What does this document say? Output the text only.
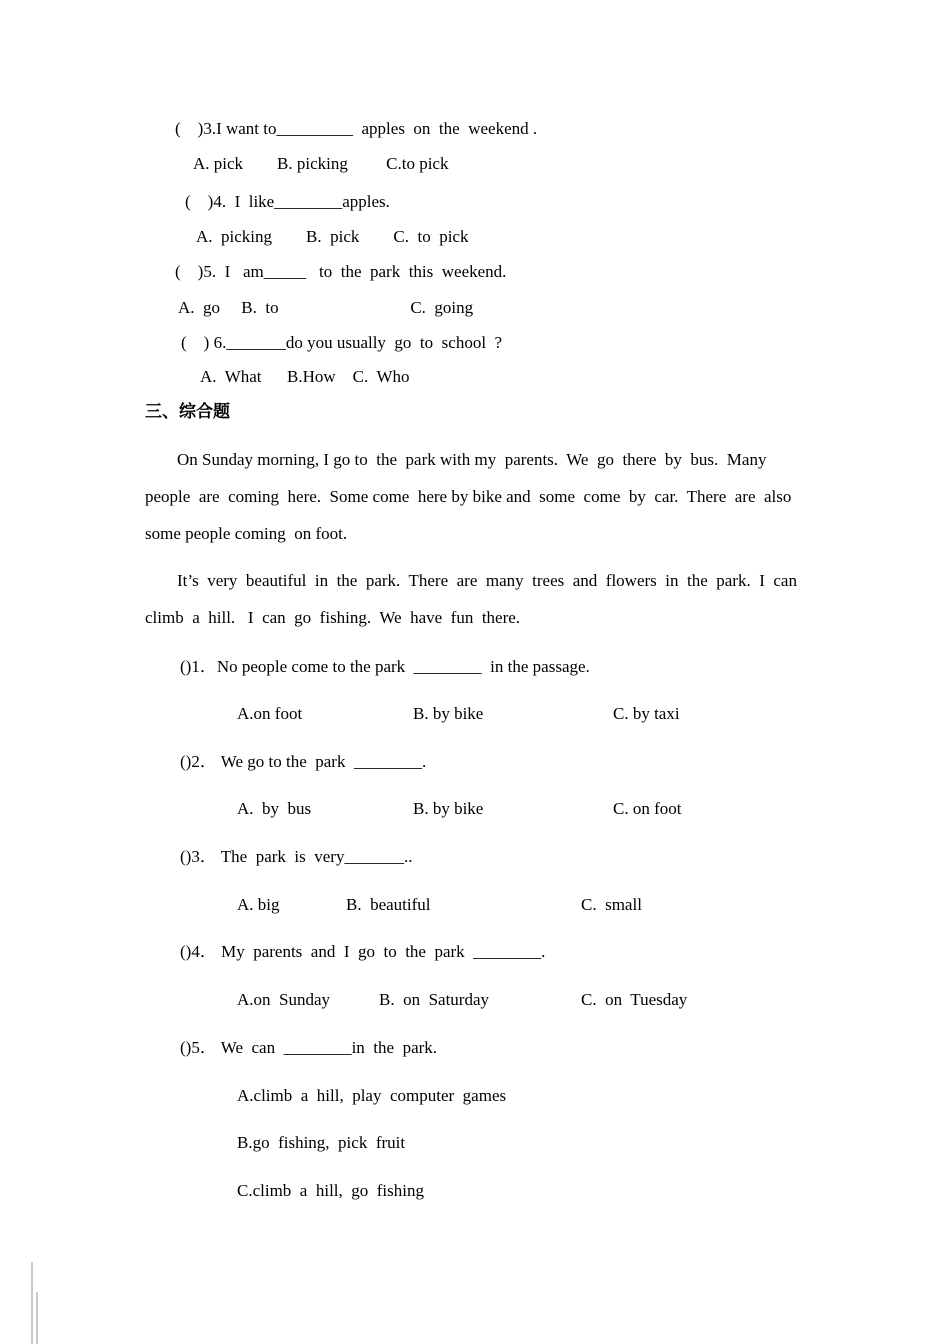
(    )3.I want to_________  apples  on  the  weekend .
A. pick        B. picking         C.to pick
(    )4.  I  like________apples.
A.  picking        B.  pick        C.  to  pick
(    )5.  I   am_____   to  the  park  this  weekend.
A.  go     B.  to                               C.  going
(    ) 6._______do you usually  go  to  school  ?
A.  What      B.How    C.  Who
三、综合题
On Sunday morning, I go to  the  park with my  parents.  We  go  there  by  bus.  Many
people  are  coming  here.  Some come  here by bike and  some  come  by  car.  There  are  also
some people coming  on foot.
It’s  very  beautiful  in  the  park.  There  are  many  trees  and  flowers  in  the  park.  I  can
climb  a  hill.   I  can  go  fishing.  We  have  fun  there.
()1．No people come to the park  ________  in the passage.
A.on foot	B. by bike	C. by taxi
()2． We go to the  park  ________.
A.  by  bus	B. by bike	C. on foot
()3． The  park  is  very_______..
A. big	B.  beautiful	C.  small
()4． My  parents  and  I  go  to  the  park  ________.
A.on  Sunday	B.  on  Saturday	C.  on  Tuesday
()5． We  can  ________in  the  park.
A.climb  a  hill,  play  computer  games
B.go  fishing,  pick  fruit
C.climb  a  hill,  go  fishing
